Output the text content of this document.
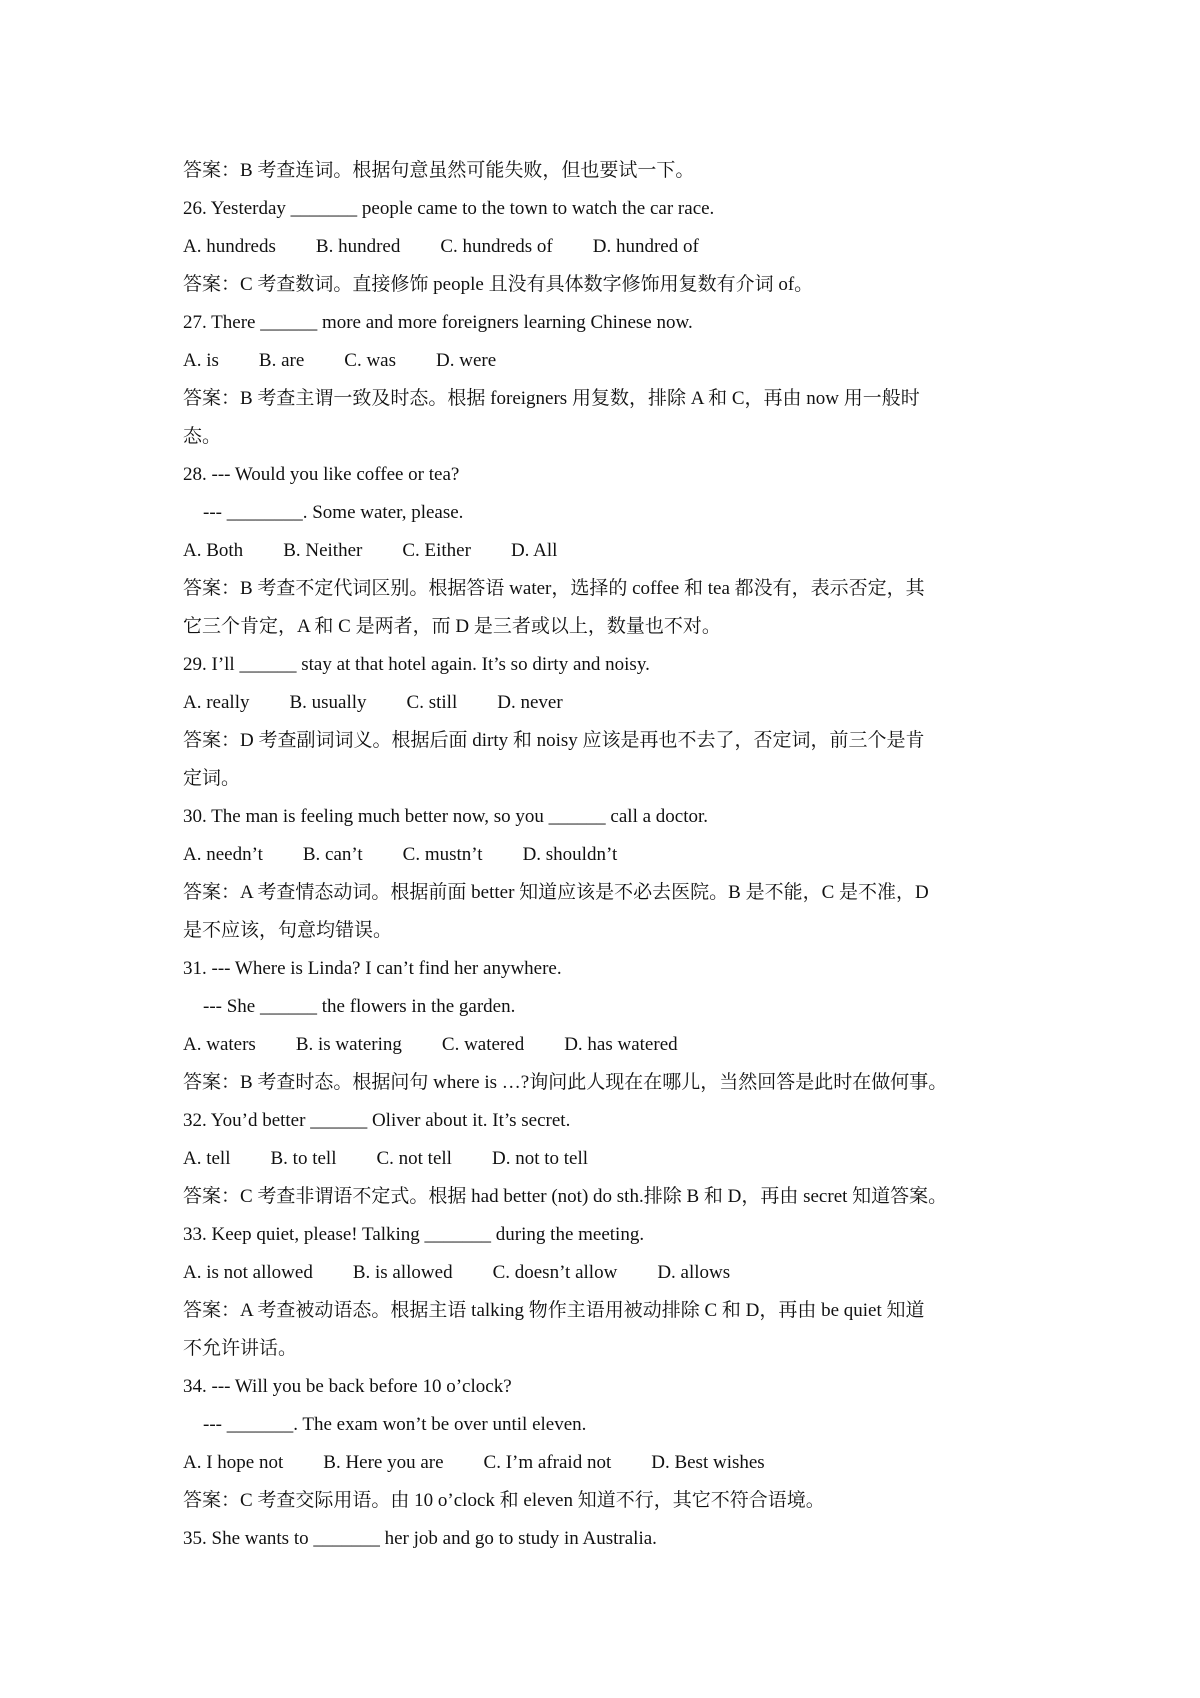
答案：B 考查连词。根据句意虽然可能失败，但也要试一下。
26. Yesterday _______ people came to the town to watch the car race.
A. hundreds B. hundred C. hundreds of D. hundred of
答案：C 考查数词。直接修饰 people 且没有具体数字修饰用复数有介词 of。
27. There ______ more and more foreigners learning Chinese now.
A. is B. are C. was D. were
答案：B 考查主谓一致及时态。根据 foreigners 用复数，排除 A 和 C，再由 now 用一般时
态。
28. --- Would you like coffee or tea?
--- ________. Some water, please.
A. Both B. Neither C. Either D. All
答案：B 考查不定代词区别。根据答语 water，选择的 coffee 和 tea 都没有，表示否定，其
它三个肯定，A 和 C 是两者，而 D 是三者或以上，数量也不对。
29. I’ll ______ stay at that hotel again. It’s so dirty and noisy.
A. really B. usually C. still D. never
答案：D 考查副词词义。根据后面 dirty 和 noisy 应该是再也不去了，否定词，前三个是肯
定词。
30. The man is feeling much better now, so you ______ call a doctor.
A. needn’t B. can’t C. mustn’t D. shouldn’t
答案：A 考查情态动词。根据前面 better 知道应该是不必去医院。B 是不能，C 是不准，D
是不应该，句意均错误。
31. --- Where is Linda? I can’t find her anywhere.
--- She ______ the flowers in the garden.
A. waters B. is watering C. watered D. has watered
答案：B 考查时态。根据问句 where is …?询问此人现在在哪儿，当然回答是此时在做何事。
32. You’d better ______ Oliver about it. It’s secret.
A. tell B. to tell C. not tell D. not to tell
答案：C 考查非谓语不定式。根据 had better (not) do sth.排除 B 和 D，再由 secret 知道答案。
33. Keep quiet, please! Talking _______ during the meeting.
A. is not allowed B. is allowed C. doesn’t allow D. allows
答案：A 考查被动语态。根据主语 talking 物作主语用被动排除 C 和 D，再由 be quiet 知道
不允许讲话。
34. --- Will you be back before 10 o’clock?
--- _______. The exam won’t be over until eleven.
A. I hope not B. Here you are C. I’m afraid not D. Best wishes
答案：C 考查交际用语。由 10 o’clock 和 eleven 知道不行，其它不符合语境。
35. She wants to _______ her job and go to study in Australia.
